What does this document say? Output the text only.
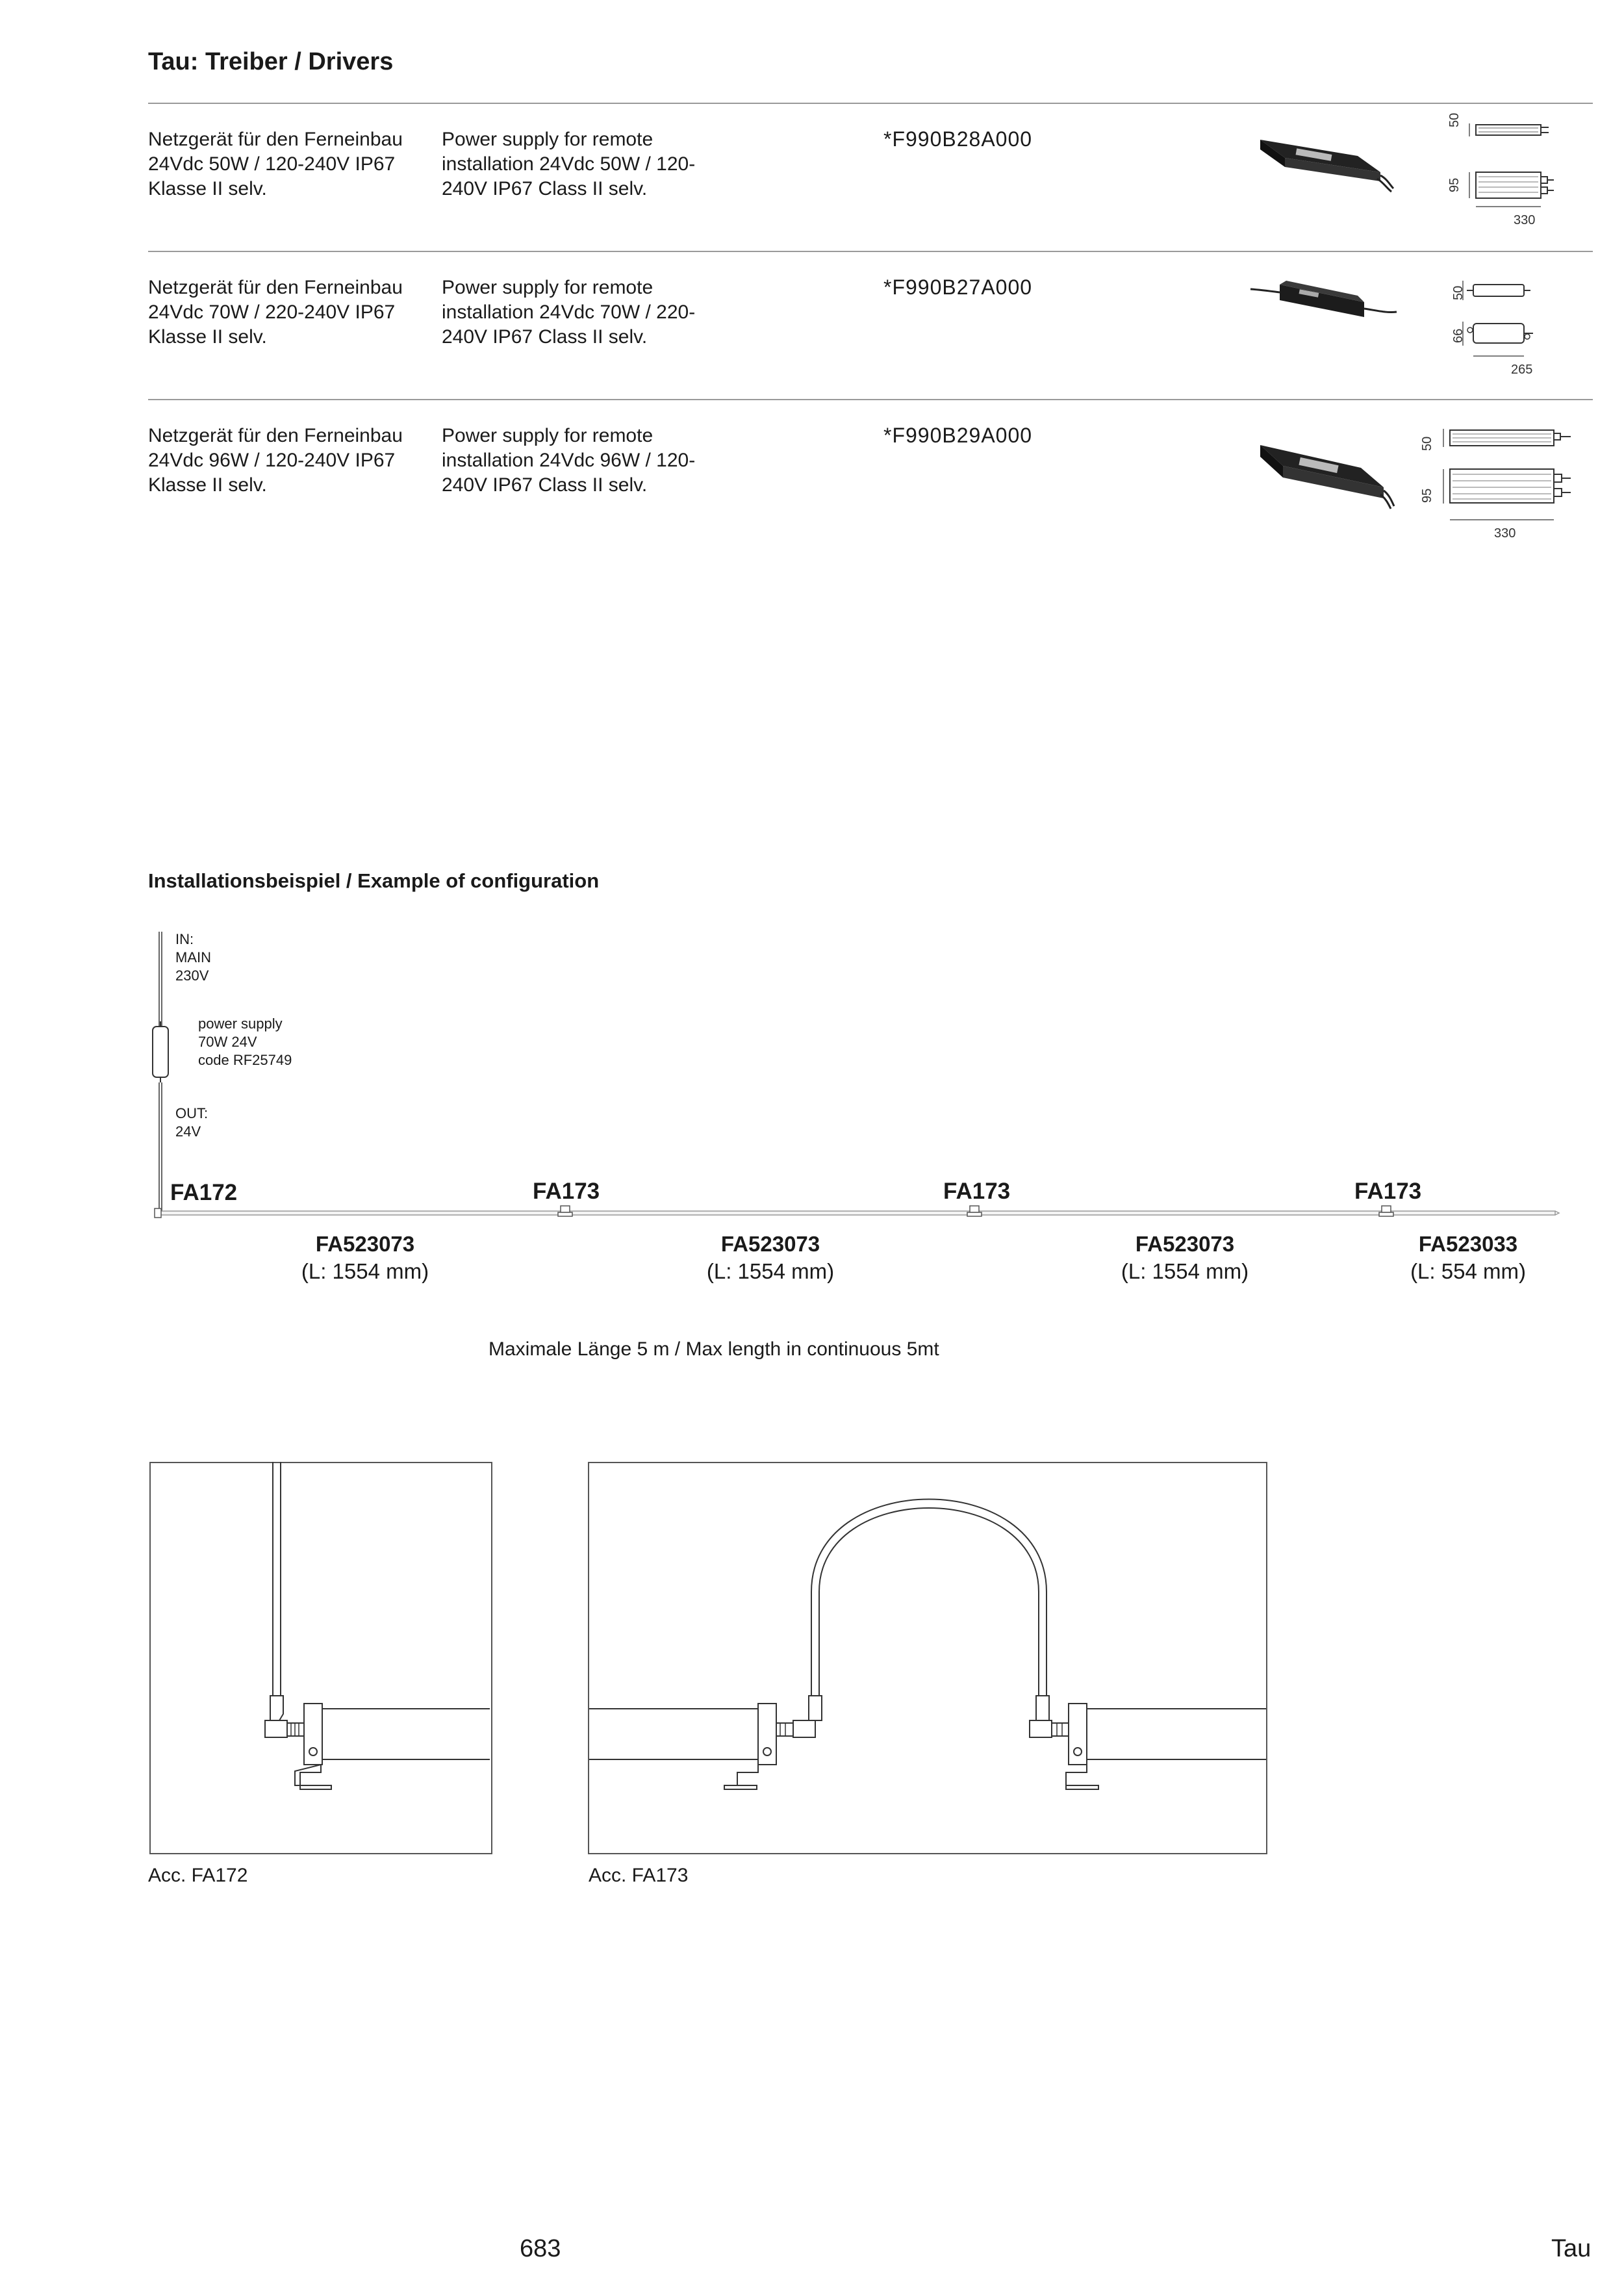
Tau: Treiber / Drivers
Netzgerät für den Ferneinbau
24Vdc 50W / 120-240V IP67
Klasse II selv.
Power supply for remote
installation 24Vdc 50W / 120-
240V IP67 Class II selv.
*F990B28A000
50
95
330
Netzgerät für den Ferneinbau
24Vdc 70W / 220-240V IP67
Klasse II selv.
Power supply for remote
installation 24Vdc 70W / 220-
240V IP67 Class II selv.
*F990B27A000	50
66
265
Netzgerät für den Ferneinbau
24Vdc 96W / 120-240V IP67
Klasse II selv.
Power supply for remote
installation 24Vdc 96W / 120-
240V IP67 Class II selv.
*F990B29A000	50
95
330
Installationsbeispiel / Example of configuration
IN:
MAIN
230V
power supply
70W 24V
code RF25749
OUT:
24V
FA172	FA173	FA173	FA173
FA523073
(L: 1554 mm)
FA523073
(L: 1554 mm)
FA523073
(L: 1554 mm)
FA523033
(L: 554 mm)
Maximale Länge 5 m / Max length in continuous 5mt
Acc. FA172	Acc. FA173
683	Tau
